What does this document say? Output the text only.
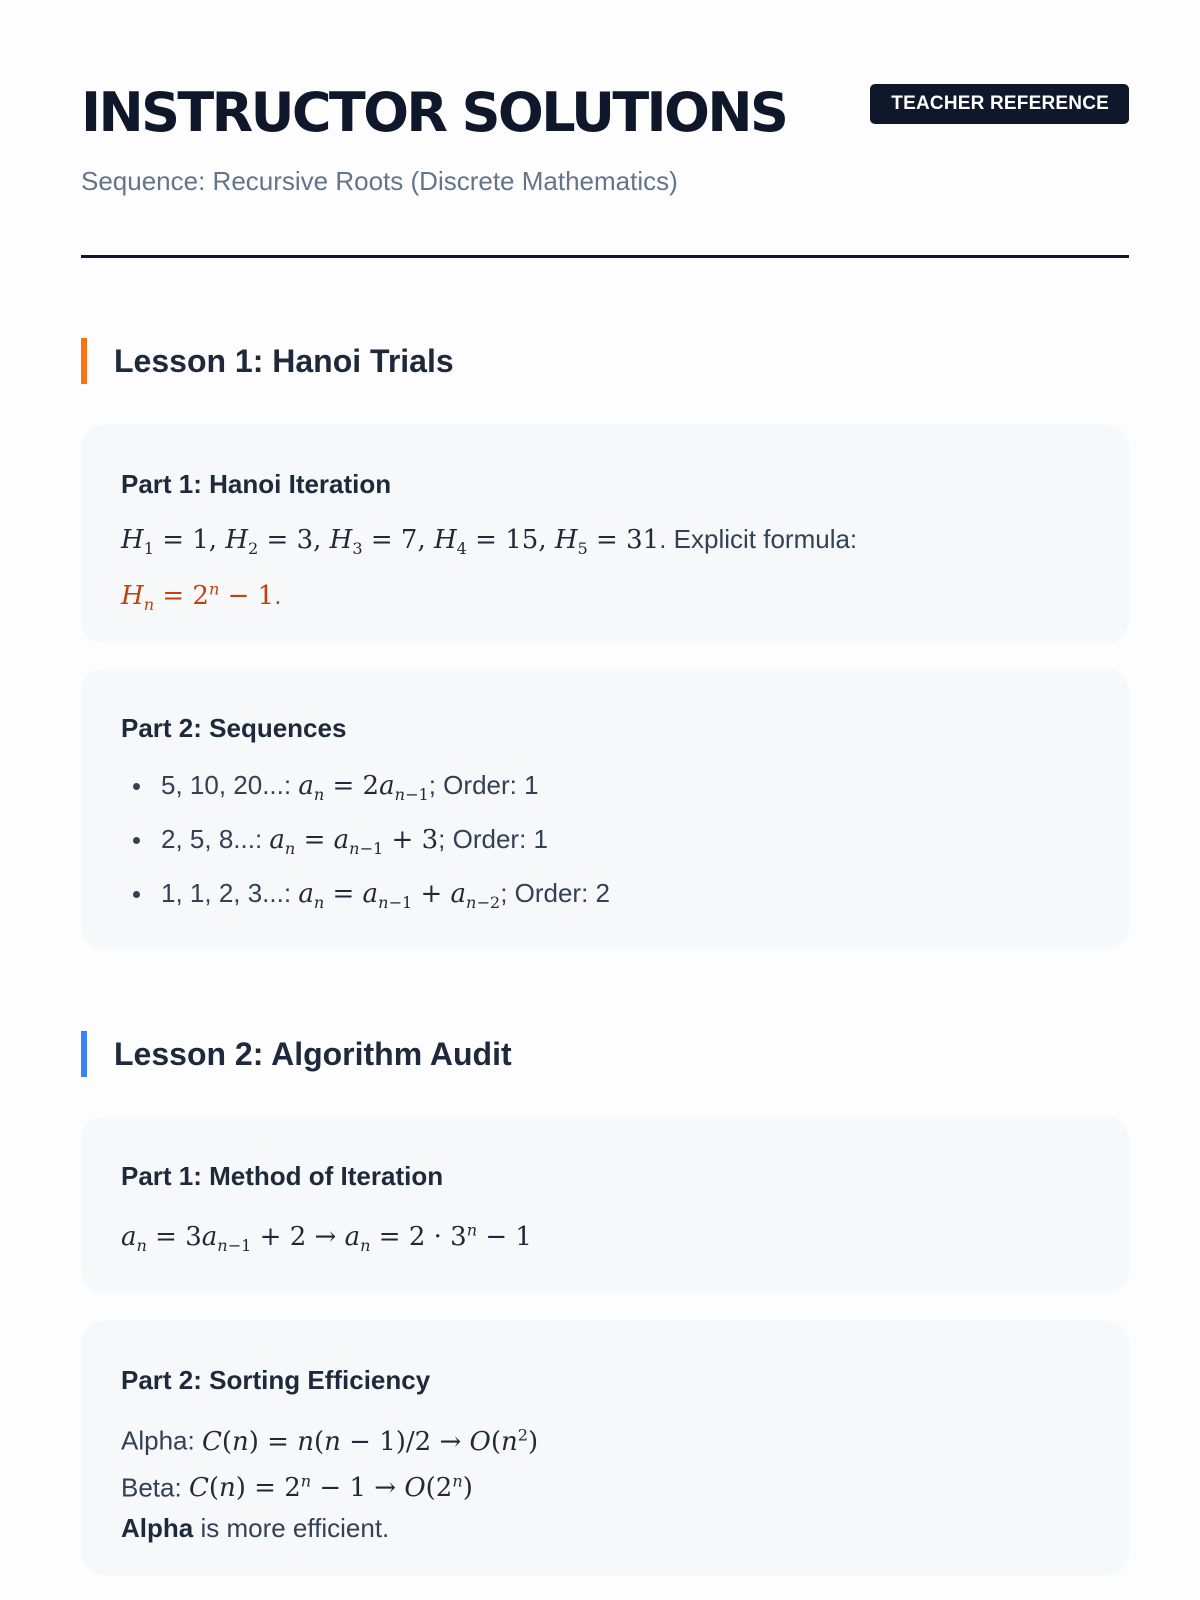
INSTRUCTOR SOLUTIONS	TEACHER REFERENCE
Sequence: Recursive Roots (Discrete Mathematics)
Lesson 1: Hanoi Trials
Part 1: Hanoi Iteration
$H_1 = 1$, $H_2 = 3$, $H_3 = 7$, $H_4 = 15$, $H_5 = 31$. Explicit formula:
$H_n = 2^n - 1$.
Part 2: Sequences
5, 10, 20...: $a_n = 2a_{n-1}$; Order: 1
2, 5, 8...: $a_n = a_{n-1} + 3$; Order: 1
1, 1, 2, 3...: $a_n = a_{n-1} + a_{n-2}$; Order: 2
Lesson 2: Algorithm Audit
Part 1: Method of Iteration
$a_n = 3a_{n-1} + 2 \to a_n = 2 \cdot 3^n - 1$
Part 2: Sorting Efficiency
Alpha: $C(n) = n(n - 1)/2 \to O(n^2)$
Beta: $C(n) = 2^n - 1 \to O(2^n)$
Alpha is more efficient.
